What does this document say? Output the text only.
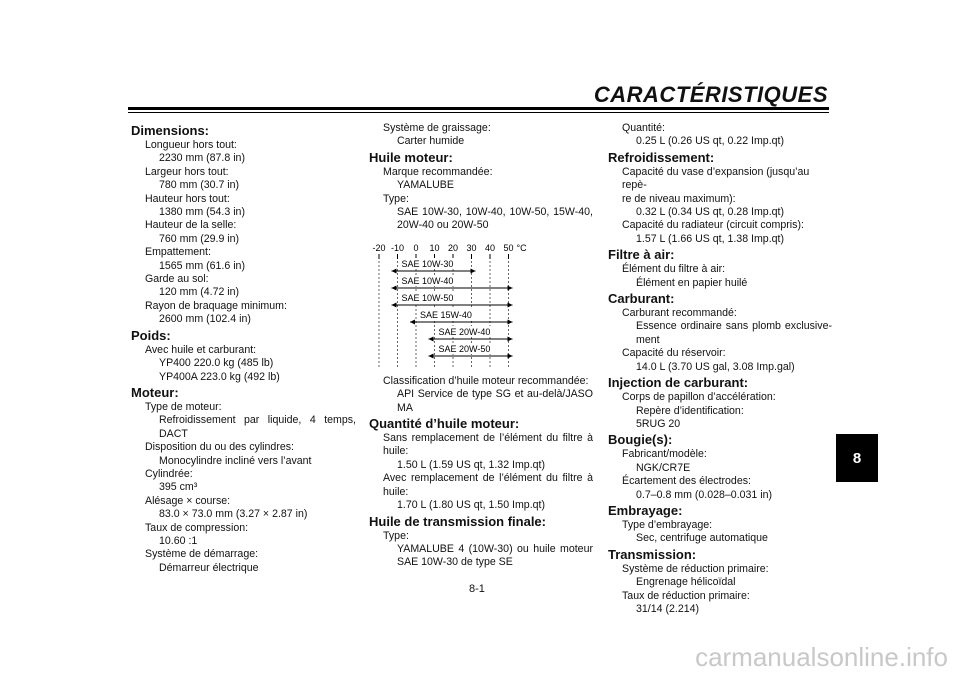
CARACTÉRISTIQUES
Dimensions:
Longueur hors tout:
2230 mm (87.8 in)
Largeur hors tout:
780 mm (30.7 in)
Hauteur hors tout:
1380 mm (54.3 in)
Hauteur de la selle:
760 mm (29.9 in)
Empattement:
1565 mm (61.6 in)
Garde au sol:
120 mm (4.72 in)
Rayon de braquage minimum:
2600 mm (102.4 in)
Poids:
Avec huile et carburant:
YP400 220.0 kg (485 lb)
YP400A 223.0 kg (492 lb)
Moteur:
Type de moteur:
Refroidissement par liquide, 4 temps,
DACT
Disposition du ou des cylindres:
Monocylindre incliné vers l’avant
Cylindrée:
395 cm³
Alésage × course:
83.0 × 73.0 mm (3.27 × 2.87 in)
Taux de compression:
10.60 :1
Système de démarrage:
Démarreur électrique
Système de graissage:
Carter humide
Huile moteur:
Marque recommandée:
YAMALUBE
Type:
SAE 10W-30, 10W-40, 10W-50, 15W-40,
20W-40 ou 20W-50
-20 -10 0 10 20 30 40 50 °C
SAE 10W-30
SAE 10W-40
SAE 10W-50
SAE 15W-40
SAE 20W-40
SAE 20W-50
Classification d’huile moteur recommandée:
API Service de type SG et au-delà/JASO
MA
Quantité d’huile moteur:
Sans remplacement de l’élément du filtre à
huile:
1.50 L (1.59 US qt, 1.32 Imp.qt)
Avec remplacement de l’élément du filtre à
huile:
1.70 L (1.80 US qt, 1.50 Imp.qt)
Huile de transmission finale:
Type:
YAMALUBE 4 (10W-30) ou huile moteur
SAE 10W-30 de type SE
Quantité:
0.25 L (0.26 US qt, 0.22 Imp.qt)
Refroidissement:
Capacité du vase d’expansion (jusqu’au repè-
re de niveau maximum):
0.32 L (0.34 US qt, 0.28 Imp.qt)
Capacité du radiateur (circuit compris):
1.57 L (1.66 US qt, 1.38 Imp.qt)
Filtre à air:
Élément du filtre à air:
Élément en papier huilé
Carburant:
Carburant recommandé:
Essence ordinaire sans plomb exclusive-
ment
Capacité du réservoir:
14.0 L (3.70 US gal, 3.08 Imp.gal)
Injection de carburant:
Corps de papillon d’accélération:
Repère d’identification:
5RUG 20
Bougie(s):
Fabricant/modèle:
NGK/CR7E
Écartement des électrodes:
0.7–0.8 mm (0.028–0.031 in)
Embrayage:
Type d’embrayage:
Sec, centrifuge automatique
Transmission:
Système de réduction primaire:
Engrenage hélicoïdal
Taux de réduction primaire:
31/14 (2.214)
8
8-1
carmanualsonline.info
